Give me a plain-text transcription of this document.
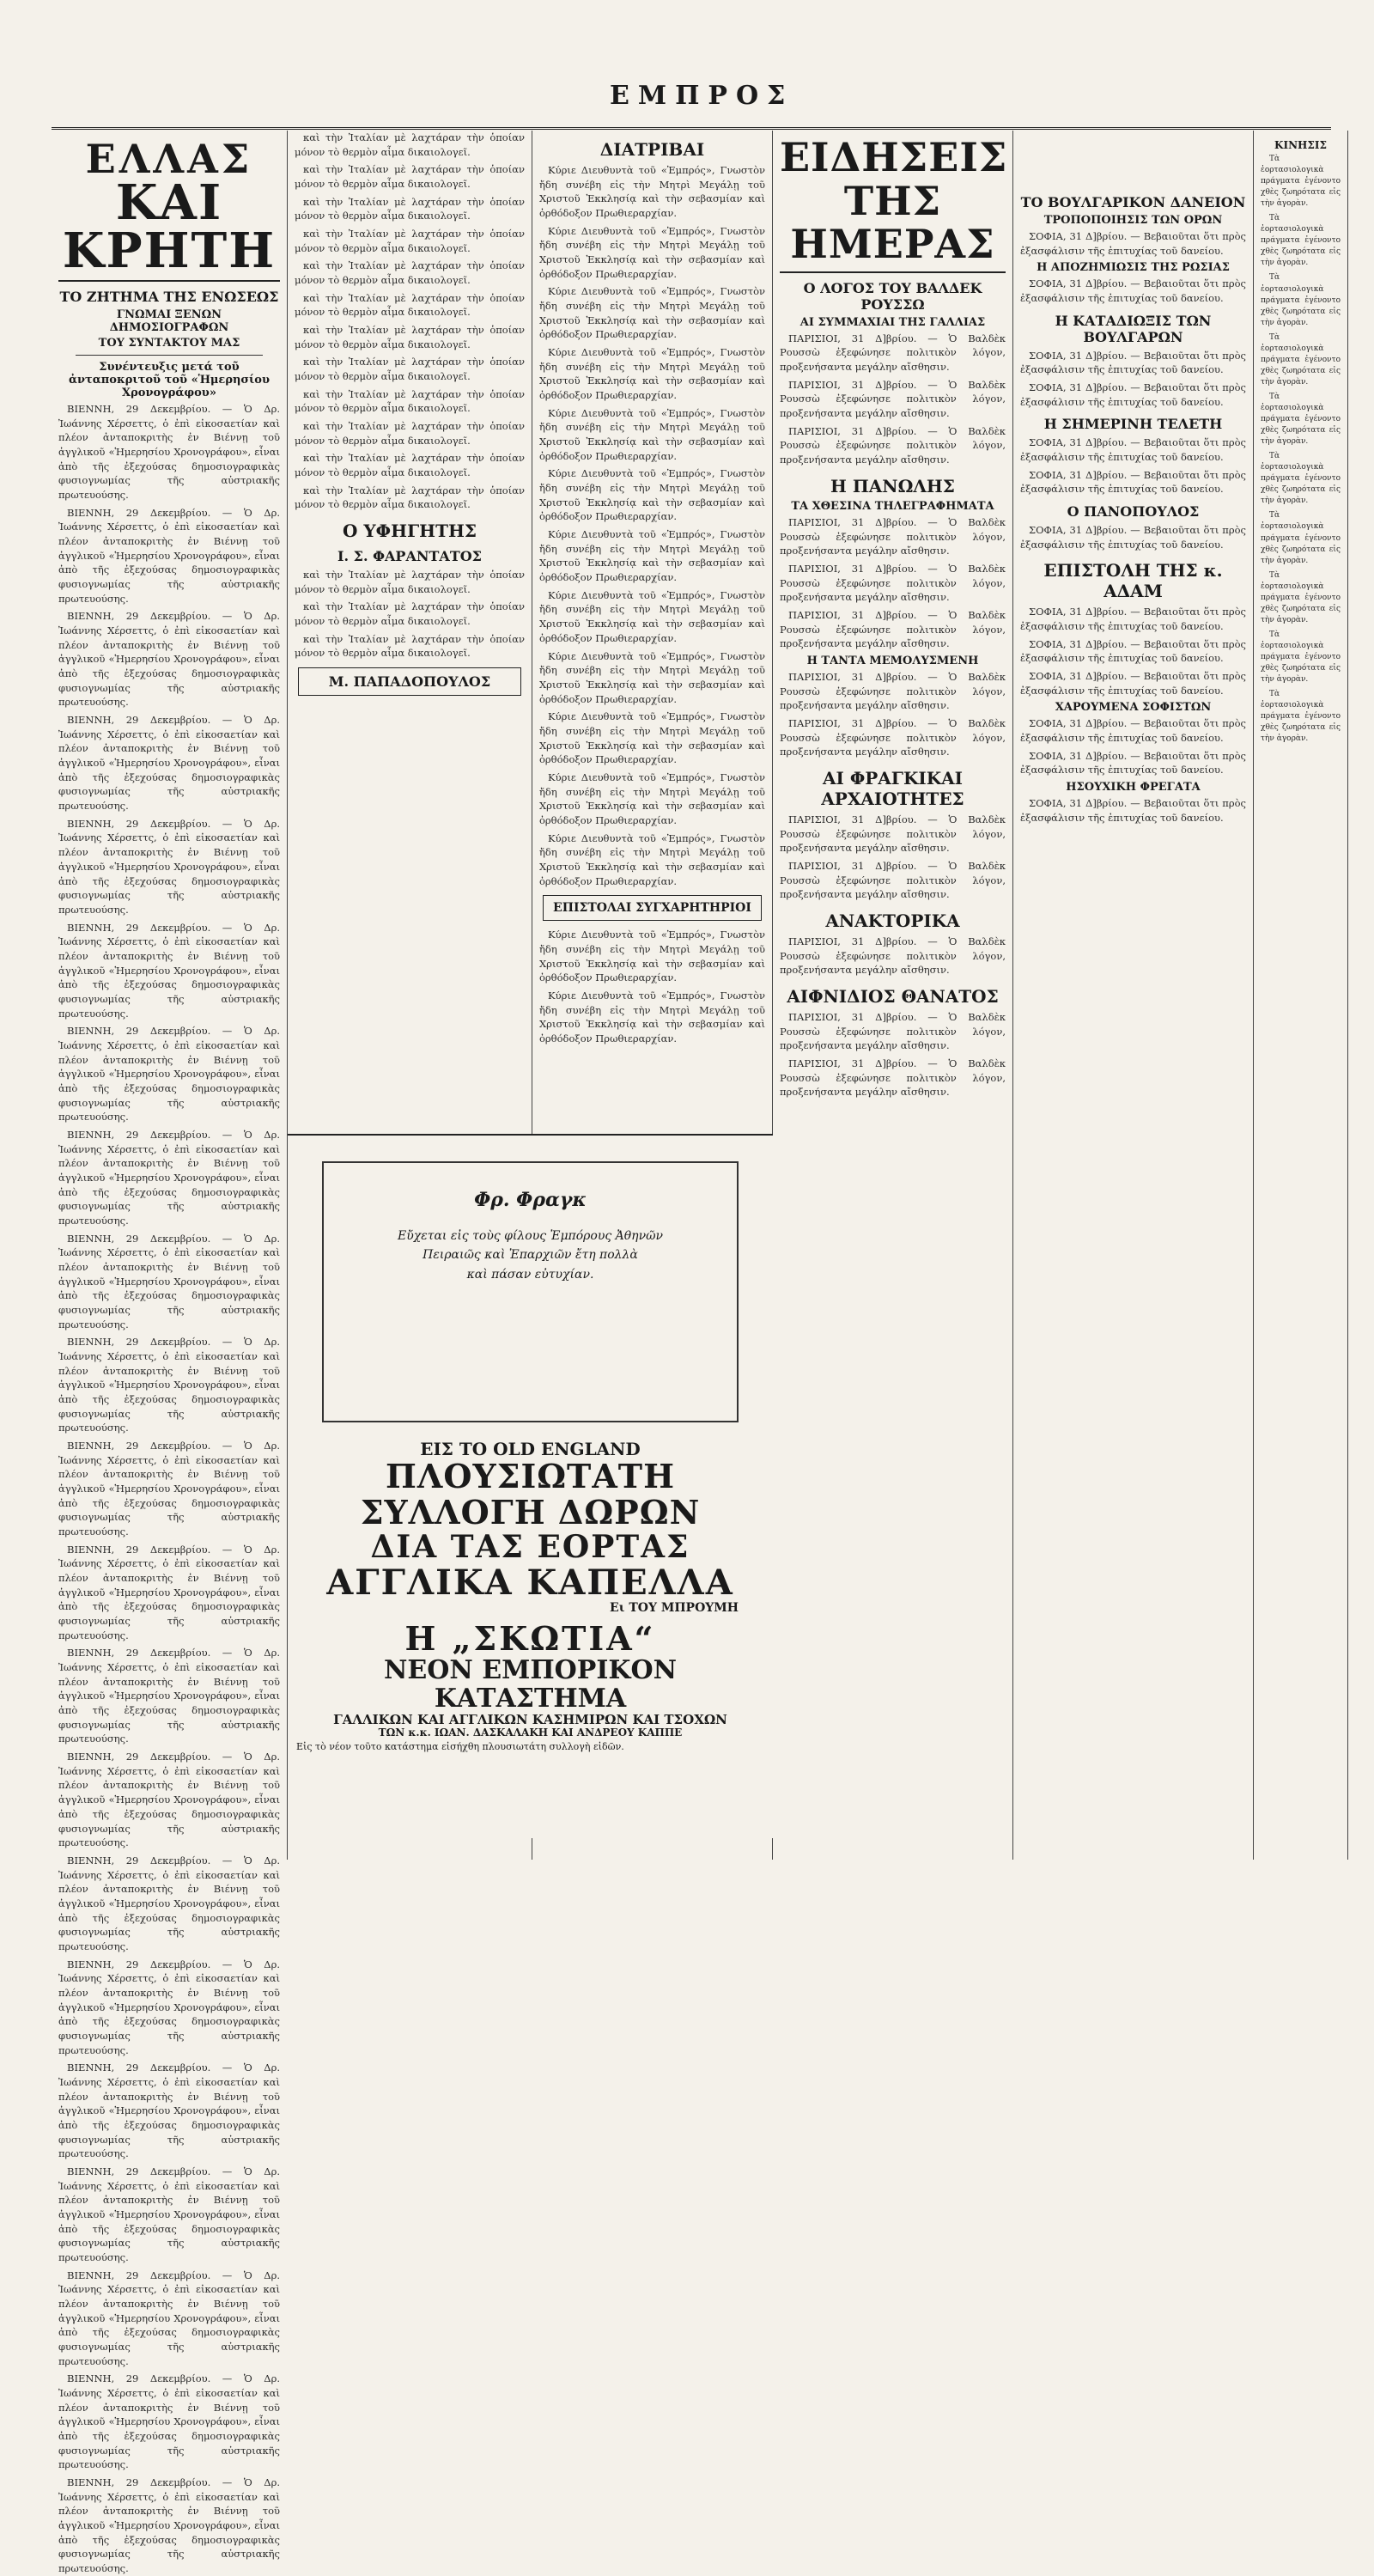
ΕΜΠΡΟΣ
ΕΛΛΑΣ
ΚΑΙ ΚΡΗΤΗ
ΤΟ ΖΗΤΗΜΑ ΤΗΣ ΕΝΩΣΕΩΣ
ΓΝΩΜΑΙ ΞΕΝΩΝ ΔΗΜΟΣΙΟΓΡΑΦΩΝ
ΤΟΥ ΣΥΝΤΑΚΤΟΥ ΜΑΣ
Συνέντευξις μετά τοῦ ἀνταποκριτοῦ τοῦ «Ἡμερησίου Χρονογράφου»

ΒΙΕΝΝΗ, 29 Δεκεμβρίου. — Ὁ Δρ. Ἰωάννης Χέρσεττς, ὁ ἐπὶ εἰκοσαετίαν καὶ πλέον ἀνταποκριτὴς ἐν Βιέννῃ τοῦ ἀγγλικοῦ «Ἡμερησίου Χρονογράφου», εἶναι ἀπὸ τῆς ἐξεχούσας δημοσιογραφικὰς φυσιογνωμίας τῆς αὐστριακῆς πρωτευούσης.

ΒΙΕΝΝΗ, 29 Δεκεμβρίου. — Ὁ Δρ. Ἰωάννης Χέρσεττς, ὁ ἐπὶ εἰκοσαετίαν καὶ πλέον ἀνταποκριτὴς ἐν Βιέννῃ τοῦ ἀγγλικοῦ «Ἡμερησίου Χρονογράφου», εἶναι ἀπὸ τῆς ἐξεχούσας δημοσιογραφικὰς φυσιογνωμίας τῆς αὐστριακῆς πρωτευούσης.

ΒΙΕΝΝΗ, 29 Δεκεμβρίου. — Ὁ Δρ. Ἰωάννης Χέρσεττς, ὁ ἐπὶ εἰκοσαετίαν καὶ πλέον ἀνταποκριτὴς ἐν Βιέννῃ τοῦ ἀγγλικοῦ «Ἡμερησίου Χρονογράφου», εἶναι ἀπὸ τῆς ἐξεχούσας δημοσιογραφικὰς φυσιογνωμίας τῆς αὐστριακῆς πρωτευούσης.

ΒΙΕΝΝΗ, 29 Δεκεμβρίου. — Ὁ Δρ. Ἰωάννης Χέρσεττς, ὁ ἐπὶ εἰκοσαετίαν καὶ πλέον ἀνταποκριτὴς ἐν Βιέννῃ τοῦ ἀγγλικοῦ «Ἡμερησίου Χρονογράφου», εἶναι ἀπὸ τῆς ἐξεχούσας δημοσιογραφικὰς φυσιογνωμίας τῆς αὐστριακῆς πρωτευούσης.

ΒΙΕΝΝΗ, 29 Δεκεμβρίου. — Ὁ Δρ. Ἰωάννης Χέρσεττς, ὁ ἐπὶ εἰκοσαετίαν καὶ πλέον ἀνταποκριτὴς ἐν Βιέννῃ τοῦ ἀγγλικοῦ «Ἡμερησίου Χρονογράφου», εἶναι ἀπὸ τῆς ἐξεχούσας δημοσιογραφικὰς φυσιογνωμίας τῆς αὐστριακῆς πρωτευούσης.

ΒΙΕΝΝΗ, 29 Δεκεμβρίου. — Ὁ Δρ. Ἰωάννης Χέρσεττς, ὁ ἐπὶ εἰκοσαετίαν καὶ πλέον ἀνταποκριτὴς ἐν Βιέννῃ τοῦ ἀγγλικοῦ «Ἡμερησίου Χρονογράφου», εἶναι ἀπὸ τῆς ἐξεχούσας δημοσιογραφικὰς φυσιογνωμίας τῆς αὐστριακῆς πρωτευούσης.

ΒΙΕΝΝΗ, 29 Δεκεμβρίου. — Ὁ Δρ. Ἰωάννης Χέρσεττς, ὁ ἐπὶ εἰκοσαετίαν καὶ πλέον ἀνταποκριτὴς ἐν Βιέννῃ τοῦ ἀγγλικοῦ «Ἡμερησίου Χρονογράφου», εἶναι ἀπὸ τῆς ἐξεχούσας δημοσιογραφικὰς φυσιογνωμίας τῆς αὐστριακῆς πρωτευούσης.

ΒΙΕΝΝΗ, 29 Δεκεμβρίου. — Ὁ Δρ. Ἰωάννης Χέρσεττς, ὁ ἐπὶ εἰκοσαετίαν καὶ πλέον ἀνταποκριτὴς ἐν Βιέννῃ τοῦ ἀγγλικοῦ «Ἡμερησίου Χρονογράφου», εἶναι ἀπὸ τῆς ἐξεχούσας δημοσιογραφικὰς φυσιογνωμίας τῆς αὐστριακῆς πρωτευούσης.

ΒΙΕΝΝΗ, 29 Δεκεμβρίου. — Ὁ Δρ. Ἰωάννης Χέρσεττς, ὁ ἐπὶ εἰκοσαετίαν καὶ πλέον ἀνταποκριτὴς ἐν Βιέννῃ τοῦ ἀγγλικοῦ «Ἡμερησίου Χρονογράφου», εἶναι ἀπὸ τῆς ἐξεχούσας δημοσιογραφικὰς φυσιογνωμίας τῆς αὐστριακῆς πρωτευούσης.

ΒΙΕΝΝΗ, 29 Δεκεμβρίου. — Ὁ Δρ. Ἰωάννης Χέρσεττς, ὁ ἐπὶ εἰκοσαετίαν καὶ πλέον ἀνταποκριτὴς ἐν Βιέννῃ τοῦ ἀγγλικοῦ «Ἡμερησίου Χρονογράφου», εἶναι ἀπὸ τῆς ἐξεχούσας δημοσιογραφικὰς φυσιογνωμίας τῆς αὐστριακῆς πρωτευούσης.

ΒΙΕΝΝΗ, 29 Δεκεμβρίου. — Ὁ Δρ. Ἰωάννης Χέρσεττς, ὁ ἐπὶ εἰκοσαετίαν καὶ πλέον ἀνταποκριτὴς ἐν Βιέννῃ τοῦ ἀγγλικοῦ «Ἡμερησίου Χρονογράφου», εἶναι ἀπὸ τῆς ἐξεχούσας δημοσιογραφικὰς φυσιογνωμίας τῆς αὐστριακῆς πρωτευούσης.

ΒΙΕΝΝΗ, 29 Δεκεμβρίου. — Ὁ Δρ. Ἰωάννης Χέρσεττς, ὁ ἐπὶ εἰκοσαετίαν καὶ πλέον ἀνταποκριτὴς ἐν Βιέννῃ τοῦ ἀγγλικοῦ «Ἡμερησίου Χρονογράφου», εἶναι ἀπὸ τῆς ἐξεχούσας δημοσιογραφικὰς φυσιογνωμίας τῆς αὐστριακῆς πρωτευούσης.

ΒΙΕΝΝΗ, 29 Δεκεμβρίου. — Ὁ Δρ. Ἰωάννης Χέρσεττς, ὁ ἐπὶ εἰκοσαετίαν καὶ πλέον ἀνταποκριτὴς ἐν Βιέννῃ τοῦ ἀγγλικοῦ «Ἡμερησίου Χρονογράφου», εἶναι ἀπὸ τῆς ἐξεχούσας δημοσιογραφικὰς φυσιογνωμίας τῆς αὐστριακῆς πρωτευούσης.

ΒΙΕΝΝΗ, 29 Δεκεμβρίου. — Ὁ Δρ. Ἰωάννης Χέρσεττς, ὁ ἐπὶ εἰκοσαετίαν καὶ πλέον ἀνταποκριτὴς ἐν Βιέννῃ τοῦ ἀγγλικοῦ «Ἡμερησίου Χρονογράφου», εἶναι ἀπὸ τῆς ἐξεχούσας δημοσιογραφικὰς φυσιογνωμίας τῆς αὐστριακῆς πρωτευούσης.

ΒΙΕΝΝΗ, 29 Δεκεμβρίου. — Ὁ Δρ. Ἰωάννης Χέρσεττς, ὁ ἐπὶ εἰκοσαετίαν καὶ πλέον ἀνταποκριτὴς ἐν Βιέννῃ τοῦ ἀγγλικοῦ «Ἡμερησίου Χρονογράφου», εἶναι ἀπὸ τῆς ἐξεχούσας δημοσιογραφικὰς φυσιογνωμίας τῆς αὐστριακῆς πρωτευούσης.

ΒΙΕΝΝΗ, 29 Δεκεμβρίου. — Ὁ Δρ. Ἰωάννης Χέρσεττς, ὁ ἐπὶ εἰκοσαετίαν καὶ πλέον ἀνταποκριτὴς ἐν Βιέννῃ τοῦ ἀγγλικοῦ «Ἡμερησίου Χρονογράφου», εἶναι ἀπὸ τῆς ἐξεχούσας δημοσιογραφικὰς φυσιογνωμίας τῆς αὐστριακῆς πρωτευούσης.

ΒΙΕΝΝΗ, 29 Δεκεμβρίου. — Ὁ Δρ. Ἰωάννης Χέρσεττς, ὁ ἐπὶ εἰκοσαετίαν καὶ πλέον ἀνταποκριτὴς ἐν Βιέννῃ τοῦ ἀγγλικοῦ «Ἡμερησίου Χρονογράφου», εἶναι ἀπὸ τῆς ἐξεχούσας δημοσιογραφικὰς φυσιογνωμίας τῆς αὐστριακῆς πρωτευούσης.

ΒΙΕΝΝΗ, 29 Δεκεμβρίου. — Ὁ Δρ. Ἰωάννης Χέρσεττς, ὁ ἐπὶ εἰκοσαετίαν καὶ πλέον ἀνταποκριτὴς ἐν Βιέννῃ τοῦ ἀγγλικοῦ «Ἡμερησίου Χρονογράφου», εἶναι ἀπὸ τῆς ἐξεχούσας δημοσιογραφικὰς φυσιογνωμίας τῆς αὐστριακῆς πρωτευούσης.

ΒΙΕΝΝΗ, 29 Δεκεμβρίου. — Ὁ Δρ. Ἰωάννης Χέρσεττς, ὁ ἐπὶ εἰκοσαετίαν καὶ πλέον ἀνταποκριτὴς ἐν Βιέννῃ τοῦ ἀγγλικοῦ «Ἡμερησίου Χρονογράφου», εἶναι ἀπὸ τῆς ἐξεχούσας δημοσιογραφικὰς φυσιογνωμίας τῆς αὐστριακῆς πρωτευούσης.

ΒΙΕΝΝΗ, 29 Δεκεμβρίου. — Ὁ Δρ. Ἰωάννης Χέρσεττς, ὁ ἐπὶ εἰκοσαετίαν καὶ πλέον ἀνταποκριτὴς ἐν Βιέννῃ τοῦ ἀγγλικοῦ «Ἡμερησίου Χρονογράφου», εἶναι ἀπὸ τῆς ἐξεχούσας δημοσιογραφικὰς φυσιογνωμίας τῆς αὐστριακῆς πρωτευούσης.

ΒΙΕΝΝΗ, 29 Δεκεμβρίου. — Ὁ Δρ. Ἰωάννης Χέρσεττς, ὁ ἐπὶ εἰκοσαετίαν καὶ πλέον ἀνταποκριτὴς ἐν Βιέννῃ τοῦ ἀγγλικοῦ «Ἡμερησίου Χρονογράφου», εἶναι ἀπὸ τῆς ἐξεχούσας δημοσιογραφικὰς φυσιογνωμίας τῆς αὐστριακῆς πρωτευούσης.

καὶ τὴν Ἰταλίαν μὲ λαχτάραν τὴν ὁποίαν μόνον τὸ θερμὸν αἷμα δικαιολογεῖ.

καὶ τὴν Ἰταλίαν μὲ λαχτάραν τὴν ὁποίαν μόνον τὸ θερμὸν αἷμα δικαιολογεῖ.

καὶ τὴν Ἰταλίαν μὲ λαχτάραν τὴν ὁποίαν μόνον τὸ θερμὸν αἷμα δικαιολογεῖ.

καὶ τὴν Ἰταλίαν μὲ λαχτάραν τὴν ὁποίαν μόνον τὸ θερμὸν αἷμα δικαιολογεῖ.

καὶ τὴν Ἰταλίαν μὲ λαχτάραν τὴν ὁποίαν μόνον τὸ θερμὸν αἷμα δικαιολογεῖ.

καὶ τὴν Ἰταλίαν μὲ λαχτάραν τὴν ὁποίαν μόνον τὸ θερμὸν αἷμα δικαιολογεῖ.

καὶ τὴν Ἰταλίαν μὲ λαχτάραν τὴν ὁποίαν μόνον τὸ θερμὸν αἷμα δικαιολογεῖ.

καὶ τὴν Ἰταλίαν μὲ λαχτάραν τὴν ὁποίαν μόνον τὸ θερμὸν αἷμα δικαιολογεῖ.

καὶ τὴν Ἰταλίαν μὲ λαχτάραν τὴν ὁποίαν μόνον τὸ θερμὸν αἷμα δικαιολογεῖ.

καὶ τὴν Ἰταλίαν μὲ λαχτάραν τὴν ὁποίαν μόνον τὸ θερμὸν αἷμα δικαιολογεῖ.

καὶ τὴν Ἰταλίαν μὲ λαχτάραν τὴν ὁποίαν μόνον τὸ θερμὸν αἷμα δικαιολογεῖ.

καὶ τὴν Ἰταλίαν μὲ λαχτάραν τὴν ὁποίαν μόνον τὸ θερμὸν αἷμα δικαιολογεῖ.

Ο ΥΦΗΓΗΤΗΣ
Ι. Σ. ΦΑΡΑΝΤΑΤΟΣ

καὶ τὴν Ἰταλίαν μὲ λαχτάραν τὴν ὁποίαν μόνον τὸ θερμὸν αἷμα δικαιολογεῖ.

καὶ τὴν Ἰταλίαν μὲ λαχτάραν τὴν ὁποίαν μόνον τὸ θερμὸν αἷμα δικαιολογεῖ.

καὶ τὴν Ἰταλίαν μὲ λαχτάραν τὴν ὁποίαν μόνον τὸ θερμὸν αἷμα δικαιολογεῖ.

Μ. ΠΑΠΑΔΟΠΟΥΛΟΣ
ΔΙΑΤΡΙΒΑΙ

Κύριε Διευθυντὰ τοῦ «Ἐμπρός», Γνωστὸν ἤδη συνέβη εἰς τὴν Μητρὶ Μεγάλῃ τοῦ Χριστοῦ Ἐκκλησίᾳ καὶ τὴν σεβασμίαν καὶ ὀρθόδοξον Πρωθιεραρχίαν.

Κύριε Διευθυντὰ τοῦ «Ἐμπρός», Γνωστὸν ἤδη συνέβη εἰς τὴν Μητρὶ Μεγάλῃ τοῦ Χριστοῦ Ἐκκλησίᾳ καὶ τὴν σεβασμίαν καὶ ὀρθόδοξον Πρωθιεραρχίαν.

Κύριε Διευθυντὰ τοῦ «Ἐμπρός», Γνωστὸν ἤδη συνέβη εἰς τὴν Μητρὶ Μεγάλῃ τοῦ Χριστοῦ Ἐκκλησίᾳ καὶ τὴν σεβασμίαν καὶ ὀρθόδοξον Πρωθιεραρχίαν.

Κύριε Διευθυντὰ τοῦ «Ἐμπρός», Γνωστὸν ἤδη συνέβη εἰς τὴν Μητρὶ Μεγάλῃ τοῦ Χριστοῦ Ἐκκλησίᾳ καὶ τὴν σεβασμίαν καὶ ὀρθόδοξον Πρωθιεραρχίαν.

Κύριε Διευθυντὰ τοῦ «Ἐμπρός», Γνωστὸν ἤδη συνέβη εἰς τὴν Μητρὶ Μεγάλῃ τοῦ Χριστοῦ Ἐκκλησίᾳ καὶ τὴν σεβασμίαν καὶ ὀρθόδοξον Πρωθιεραρχίαν.

Κύριε Διευθυντὰ τοῦ «Ἐμπρός», Γνωστὸν ἤδη συνέβη εἰς τὴν Μητρὶ Μεγάλῃ τοῦ Χριστοῦ Ἐκκλησίᾳ καὶ τὴν σεβασμίαν καὶ ὀρθόδοξον Πρωθιεραρχίαν.

Κύριε Διευθυντὰ τοῦ «Ἐμπρός», Γνωστὸν ἤδη συνέβη εἰς τὴν Μητρὶ Μεγάλῃ τοῦ Χριστοῦ Ἐκκλησίᾳ καὶ τὴν σεβασμίαν καὶ ὀρθόδοξον Πρωθιεραρχίαν.

Κύριε Διευθυντὰ τοῦ «Ἐμπρός», Γνωστὸν ἤδη συνέβη εἰς τὴν Μητρὶ Μεγάλῃ τοῦ Χριστοῦ Ἐκκλησίᾳ καὶ τὴν σεβασμίαν καὶ ὀρθόδοξον Πρωθιεραρχίαν.

Κύριε Διευθυντὰ τοῦ «Ἐμπρός», Γνωστὸν ἤδη συνέβη εἰς τὴν Μητρὶ Μεγάλῃ τοῦ Χριστοῦ Ἐκκλησίᾳ καὶ τὴν σεβασμίαν καὶ ὀρθόδοξον Πρωθιεραρχίαν.

Κύριε Διευθυντὰ τοῦ «Ἐμπρός», Γνωστὸν ἤδη συνέβη εἰς τὴν Μητρὶ Μεγάλῃ τοῦ Χριστοῦ Ἐκκλησίᾳ καὶ τὴν σεβασμίαν καὶ ὀρθόδοξον Πρωθιεραρχίαν.

Κύριε Διευθυντὰ τοῦ «Ἐμπρός», Γνωστὸν ἤδη συνέβη εἰς τὴν Μητρὶ Μεγάλῃ τοῦ Χριστοῦ Ἐκκλησίᾳ καὶ τὴν σεβασμίαν καὶ ὀρθόδοξον Πρωθιεραρχίαν.

Κύριε Διευθυντὰ τοῦ «Ἐμπρός», Γνωστὸν ἤδη συνέβη εἰς τὴν Μητρὶ Μεγάλῃ τοῦ Χριστοῦ Ἐκκλησίᾳ καὶ τὴν σεβασμίαν καὶ ὀρθόδοξον Πρωθιεραρχίαν.

ΕΠΙΣΤΟΛΑΙ ΣΥΓΧΑΡΗΤΗΡΙΟΙ

Κύριε Διευθυντὰ τοῦ «Ἐμπρός», Γνωστὸν ἤδη συνέβη εἰς τὴν Μητρὶ Μεγάλῃ τοῦ Χριστοῦ Ἐκκλησίᾳ καὶ τὴν σεβασμίαν καὶ ὀρθόδοξον Πρωθιεραρχίαν.

Κύριε Διευθυντὰ τοῦ «Ἐμπρός», Γνωστὸν ἤδη συνέβη εἰς τὴν Μητρὶ Μεγάλῃ τοῦ Χριστοῦ Ἐκκλησίᾳ καὶ τὴν σεβασμίαν καὶ ὀρθόδοξον Πρωθιεραρχίαν.

ΕΙΔΗΣΕΙΣ ΤΗΣ ΗΜΕΡΑΣ
Ο ΛΟΓΟΣ ΤΟΥ ΒΑΛΔΕΚ ΡΟΥΣΣΩ
ΑΙ ΣΥΜΜΑΧΙΑΙ ΤΗΣ ΓΑΛΛΙΑΣ

ΠΑΡΙΣΙΟΙ, 31 Δ]βρίου. — Ὁ Βαλδὲκ Ρουσσὼ ἐξεφώνησε πολιτικὸν λόγον, προξενήσαντα μεγάλην αἴσθησιν.

ΠΑΡΙΣΙΟΙ, 31 Δ]βρίου. — Ὁ Βαλδὲκ Ρουσσὼ ἐξεφώνησε πολιτικὸν λόγον, προξενήσαντα μεγάλην αἴσθησιν.

ΠΑΡΙΣΙΟΙ, 31 Δ]βρίου. — Ὁ Βαλδὲκ Ρουσσὼ ἐξεφώνησε πολιτικὸν λόγον, προξενήσαντα μεγάλην αἴσθησιν.

Η ΠΑΝΩΛΗΣ
ΤΑ ΧΘΕΣΙΝΑ ΤΗΛΕΓΡΑΦΗΜΑΤΑ

ΠΑΡΙΣΙΟΙ, 31 Δ]βρίου. — Ὁ Βαλδὲκ Ρουσσὼ ἐξεφώνησε πολιτικὸν λόγον, προξενήσαντα μεγάλην αἴσθησιν.

ΠΑΡΙΣΙΟΙ, 31 Δ]βρίου. — Ὁ Βαλδὲκ Ρουσσὼ ἐξεφώνησε πολιτικὸν λόγον, προξενήσαντα μεγάλην αἴσθησιν.

ΠΑΡΙΣΙΟΙ, 31 Δ]βρίου. — Ὁ Βαλδὲκ Ρουσσὼ ἐξεφώνησε πολιτικὸν λόγον, προξενήσαντα μεγάλην αἴσθησιν.

Η ΤΑΝΤΑ ΜΕΜΟΛΥΣΜΕΝΗ

ΠΑΡΙΣΙΟΙ, 31 Δ]βρίου. — Ὁ Βαλδὲκ Ρουσσὼ ἐξεφώνησε πολιτικὸν λόγον, προξενήσαντα μεγάλην αἴσθησιν.

ΠΑΡΙΣΙΟΙ, 31 Δ]βρίου. — Ὁ Βαλδὲκ Ρουσσὼ ἐξεφώνησε πολιτικὸν λόγον, προξενήσαντα μεγάλην αἴσθησιν.

ΑΙ ΦΡΑΓΚΙΚΑΙ ΑΡΧΑΙΟΤΗΤΕΣ

ΠΑΡΙΣΙΟΙ, 31 Δ]βρίου. — Ὁ Βαλδὲκ Ρουσσὼ ἐξεφώνησε πολιτικὸν λόγον, προξενήσαντα μεγάλην αἴσθησιν.

ΠΑΡΙΣΙΟΙ, 31 Δ]βρίου. — Ὁ Βαλδὲκ Ρουσσὼ ἐξεφώνησε πολιτικὸν λόγον, προξενήσαντα μεγάλην αἴσθησιν.

ΑΝΑΚΤΟΡΙΚΑ

ΠΑΡΙΣΙΟΙ, 31 Δ]βρίου. — Ὁ Βαλδὲκ Ρουσσὼ ἐξεφώνησε πολιτικὸν λόγον, προξενήσαντα μεγάλην αἴσθησιν.

ΑΙΦΝΙΔΙΟΣ ΘΑΝΑΤΟΣ

ΠΑΡΙΣΙΟΙ, 31 Δ]βρίου. — Ὁ Βαλδὲκ Ρουσσὼ ἐξεφώνησε πολιτικὸν λόγον, προξενήσαντα μεγάλην αἴσθησιν.

ΠΑΡΙΣΙΟΙ, 31 Δ]βρίου. — Ὁ Βαλδὲκ Ρουσσὼ ἐξεφώνησε πολιτικὸν λόγον, προξενήσαντα μεγάλην αἴσθησιν.

ΤΟ ΒΟΥΛΓΑΡΙΚΟΝ ΔΑΝΕΙΟΝ
ΤΡΟΠΟΠΟΙΗΣΙΣ ΤΩΝ ΟΡΩΝ

ΣΟΦΙΑ, 31 Δ]βρίου. — Βεβαιοῦται ὅτι πρὸς ἐξασφάλισιν τῆς ἐπιτυχίας τοῦ δανείου.

Η ΑΠΟΖΗΜΙΩΣΙΣ ΤΗΣ ΡΩΣΙΑΣ

ΣΟΦΙΑ, 31 Δ]βρίου. — Βεβαιοῦται ὅτι πρὸς ἐξασφάλισιν τῆς ἐπιτυχίας τοῦ δανείου.

Η ΚΑΤΑΔΙΩΞΙΣ ΤΩΝ ΒΟΥΛΓΑΡΩΝ

ΣΟΦΙΑ, 31 Δ]βρίου. — Βεβαιοῦται ὅτι πρὸς ἐξασφάλισιν τῆς ἐπιτυχίας τοῦ δανείου.

ΣΟΦΙΑ, 31 Δ]βρίου. — Βεβαιοῦται ὅτι πρὸς ἐξασφάλισιν τῆς ἐπιτυχίας τοῦ δανείου.

Η ΣΗΜΕΡΙΝΗ ΤΕΛΕΤΗ

ΣΟΦΙΑ, 31 Δ]βρίου. — Βεβαιοῦται ὅτι πρὸς ἐξασφάλισιν τῆς ἐπιτυχίας τοῦ δανείου.

ΣΟΦΙΑ, 31 Δ]βρίου. — Βεβαιοῦται ὅτι πρὸς ἐξασφάλισιν τῆς ἐπιτυχίας τοῦ δανείου.

Ο ΠΑΝΟΠΟΥΛΟΣ

ΣΟΦΙΑ, 31 Δ]βρίου. — Βεβαιοῦται ὅτι πρὸς ἐξασφάλισιν τῆς ἐπιτυχίας τοῦ δανείου.

ΕΠΙΣΤΟΛΗ ΤΗΣ κ. ΑΔΑΜ

ΣΟΦΙΑ, 31 Δ]βρίου. — Βεβαιοῦται ὅτι πρὸς ἐξασφάλισιν τῆς ἐπιτυχίας τοῦ δανείου.

ΣΟΦΙΑ, 31 Δ]βρίου. — Βεβαιοῦται ὅτι πρὸς ἐξασφάλισιν τῆς ἐπιτυχίας τοῦ δανείου.

ΣΟΦΙΑ, 31 Δ]βρίου. — Βεβαιοῦται ὅτι πρὸς ἐξασφάλισιν τῆς ἐπιτυχίας τοῦ δανείου.

ΧΑΡΟΥΜΕΝΑ ΣΟΦΙΣΤΩΝ

ΣΟΦΙΑ, 31 Δ]βρίου. — Βεβαιοῦται ὅτι πρὸς ἐξασφάλισιν τῆς ἐπιτυχίας τοῦ δανείου.

ΣΟΦΙΑ, 31 Δ]βρίου. — Βεβαιοῦται ὅτι πρὸς ἐξασφάλισιν τῆς ἐπιτυχίας τοῦ δανείου.

ΗΣΟΥΧΙΚΗ ΦΡΕΓΑΤΑ

ΣΟΦΙΑ, 31 Δ]βρίου. — Βεβαιοῦται ὅτι πρὸς ἐξασφάλισιν τῆς ἐπιτυχίας τοῦ δανείου.

ΚΙΝΗΣΙΣ

Τὰ ἐορτασιολογικὰ πράγματα ἐγένοντο χθὲς ζωηρότατα εἰς τὴν ἀγορὰν.

Τὰ ἐορτασιολογικὰ πράγματα ἐγένοντο χθὲς ζωηρότατα εἰς τὴν ἀγορὰν.

Τὰ ἐορτασιολογικὰ πράγματα ἐγένοντο χθὲς ζωηρότατα εἰς τὴν ἀγορὰν.

Τὰ ἐορτασιολογικὰ πράγματα ἐγένοντο χθὲς ζωηρότατα εἰς τὴν ἀγορὰν.

Τὰ ἐορτασιολογικὰ πράγματα ἐγένοντο χθὲς ζωηρότατα εἰς τὴν ἀγορὰν.

Τὰ ἐορτασιολογικὰ πράγματα ἐγένοντο χθὲς ζωηρότατα εἰς τὴν ἀγορὰν.

Τὰ ἐορτασιολογικὰ πράγματα ἐγένοντο χθὲς ζωηρότατα εἰς τὴν ἀγορὰν.

Τὰ ἐορτασιολογικὰ πράγματα ἐγένοντο χθὲς ζωηρότατα εἰς τὴν ἀγορὰν.

Τὰ ἐορτασιολογικὰ πράγματα ἐγένοντο χθὲς ζωηρότατα εἰς τὴν ἀγορὰν.

Τὰ ἐορτασιολογικὰ πράγματα ἐγένοντο χθὲς ζωηρότατα εἰς τὴν ἀγορὰν.

Φρ. Φραγκ
Εὔχεται εἰς τοὺς φίλους Ἐμπόρους Ἀθηνῶν
Πειραιῶς καὶ Ἐπαρχιῶν ἔτη πολλὰ
καὶ πάσαν εὐτυχίαν.
ΕΙΣ ΤΟ OLD ENGLAND
ΠΛΟΥΣΙΩΤΑΤΗ ΣΥΛΛΟΓΗ ΔΩΡΩΝ
ΔΙΑ ΤΑΣ ΕΟΡΤΑΣ
ΑΓΓΛΙΚΑ ΚΑΠΕΛΛΑ
Ει ΤΟΥ ΜΠΡΟΥΜΗ
Η „ΣΚΩΤΙΑ“
ΝΕΟΝ ΕΜΠΟΡΙΚΟΝ ΚΑΤΑΣΤΗΜΑ
ΓΑΛΛΙΚΩΝ ΚΑΙ ΑΓΓΛΙΚΩΝ ΚΑΣΗΜΙΡΩΝ ΚΑΙ ΤΣΟΧΩΝ
ΤΩΝ κ.κ. ΙΩΑΝ. ΔΑΣΚΑΛΑΚΗ ΚΑΙ ΑΝΔΡΕΟΥ ΚΑΠΠΕ
Εἰς τὸ νέον τοῦτο κατάστημα εἰσήχθη πλουσιωτάτη συλλογὴ εἰδῶν.
